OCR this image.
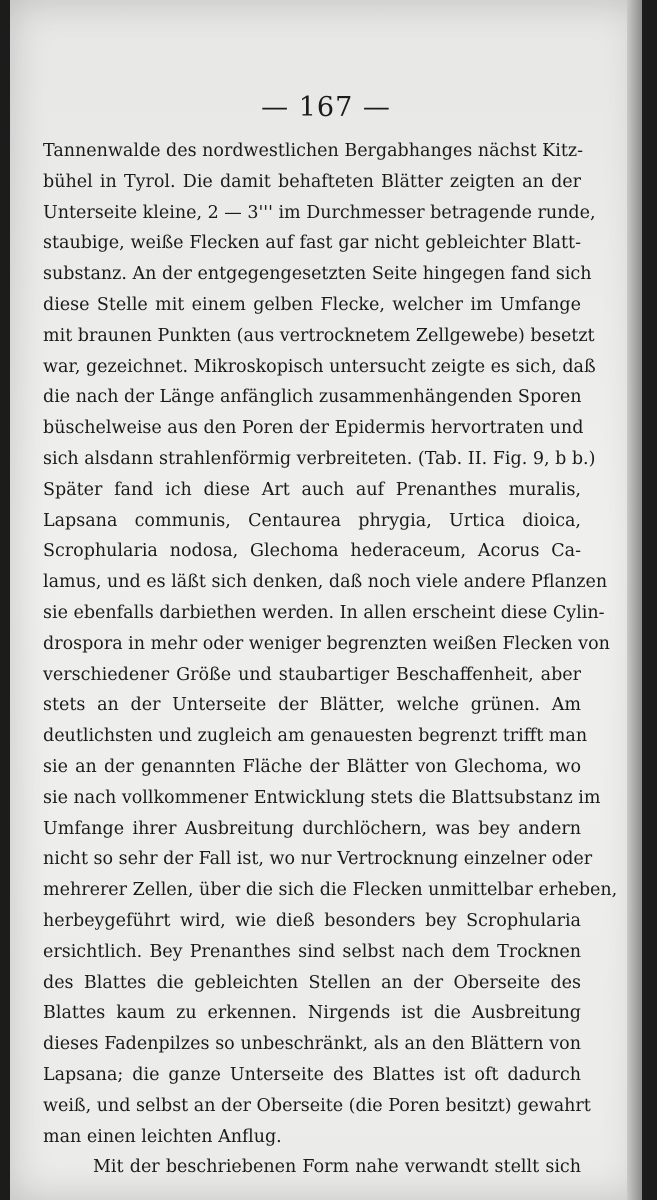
— 167 —
Tannenwalde des nordwestlichen Bergabhanges nächst Kitz-
bühel in Tyrol. Die damit behafteten Blätter zeigten an der
Unterseite kleine, 2 — 3''' im Durchmesser betragende runde,
staubige, weiße Flecken auf fast gar nicht gebleichter Blatt-
substanz. An der entgegengesetzten Seite hingegen fand sich
diese Stelle mit einem gelben Flecke, welcher im Umfange
mit braunen Punkten (aus vertrocknetem Zellgewebe) besetzt
war, gezeichnet. Mikroskopisch untersucht zeigte es sich, daß
die nach der Länge anfänglich zusammenhängenden Sporen
büschelweise aus den Poren der Epidermis hervortraten und
sich alsdann strahlenförmig verbreiteten. (Tab. II. Fig. 9, b b.)
Später fand ich diese Art auch auf Prenanthes muralis,
Lapsana communis, Centaurea phrygia, Urtica dioica,
Scrophularia nodosa, Glechoma hederaceum, Acorus Ca-
lamus, und es läßt sich denken, daß noch viele andere Pflanzen
sie ebenfalls darbiethen werden. In allen erscheint diese Cylin-
drospora in mehr oder weniger begrenzten weißen Flecken von
verschiedener Größe und staubartiger Beschaffenheit, aber
stets an der Unterseite der Blätter, welche grünen. Am
deutlichsten und zugleich am genauesten begrenzt trifft man
sie an der genannten Fläche der Blätter von Glechoma, wo
sie nach vollkommener Entwicklung stets die Blattsubstanz im
Umfange ihrer Ausbreitung durchlöchern, was bey andern
nicht so sehr der Fall ist, wo nur Vertrocknung einzelner oder
mehrerer Zellen, über die sich die Flecken unmittelbar erheben,
herbeygeführt wird, wie dieß besonders bey Scrophularia
ersichtlich. Bey Prenanthes sind selbst nach dem Trocknen
des Blattes die gebleichten Stellen an der Oberseite des
Blattes kaum zu erkennen. Nirgends ist die Ausbreitung
dieses Fadenpilzes so unbeschränkt, als an den Blättern von
Lapsana; die ganze Unterseite des Blattes ist oft dadurch
weiß, und selbst an der Oberseite (die Poren besitzt) gewahrt
man einen leichten Anflug.
Mit der beschriebenen Form nahe verwandt stellt sich
